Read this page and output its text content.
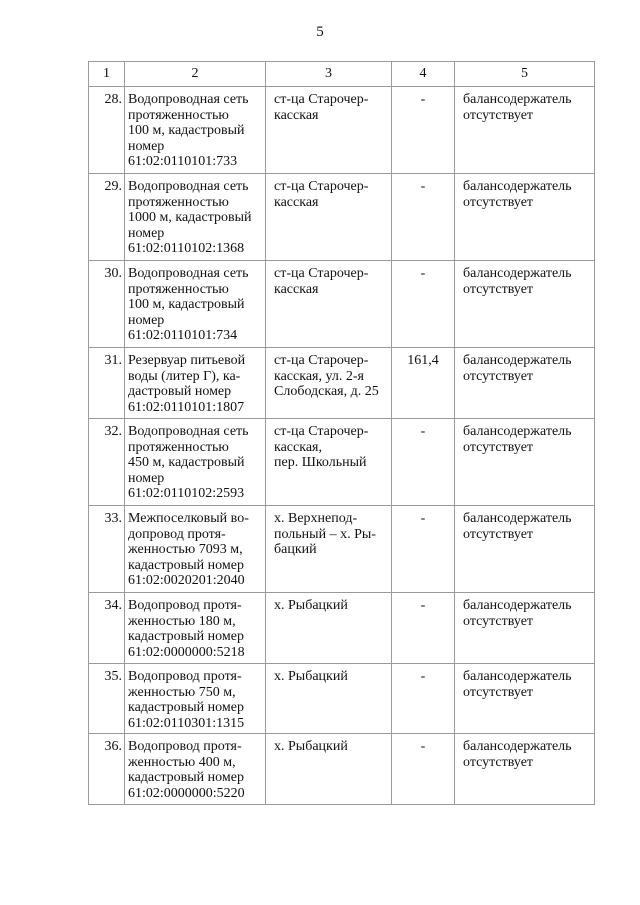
5
1	2	3	4	5
28.	Водопроводная сеть
протяженностью
100 м, кадастровый
номер
61:02:0110101:733	ст-ца Старочер-
касская	-	балансодержатель
отсутствует
29.	Водопроводная сеть
протяженностью
1000 м, кадастровый
номер
61:02:0110102:1368	ст-ца Старочер-
касская	-	балансодержатель
отсутствует
30.	Водопроводная сеть
протяженностью
100 м, кадастровый
номер
61:02:0110101:734	ст-ца Старочер-
касская	-	балансодержатель
отсутствует
31.	Резервуар питьевой
воды (литер Г), ка-
дастровый номер
61:02:0110101:1807	ст-ца Старочер-
касская, ул. 2-я
Слободская, д. 25	161,4	балансодержатель
отсутствует
32.	Водопроводная сеть
протяженностью
450 м, кадастровый
номер
61:02:0110102:2593	ст-ца Старочер-
касская,
пер. Школьный	-	балансодержатель
отсутствует
33.	Межпоселковый во-
допровод протя-
женностью 7093 м,
кадастровый номер
61:02:0020201:2040	х. Верхнепод-
польный – х. Ры-
бацкий	-	балансодержатель
отсутствует
34.	Водопровод протя-
женностью 180 м,
кадастровый номер
61:02:0000000:5218	х. Рыбацкий	-	балансодержатель
отсутствует
35.	Водопровод протя-
женностью 750 м,
кадастровый номер
61:02:0110301:1315	х. Рыбацкий	-	балансодержатель
отсутствует
36.	Водопровод протя-
женностью 400 м,
кадастровый номер
61:02:0000000:5220	х. Рыбацкий	-	балансодержатель
отсутствует
